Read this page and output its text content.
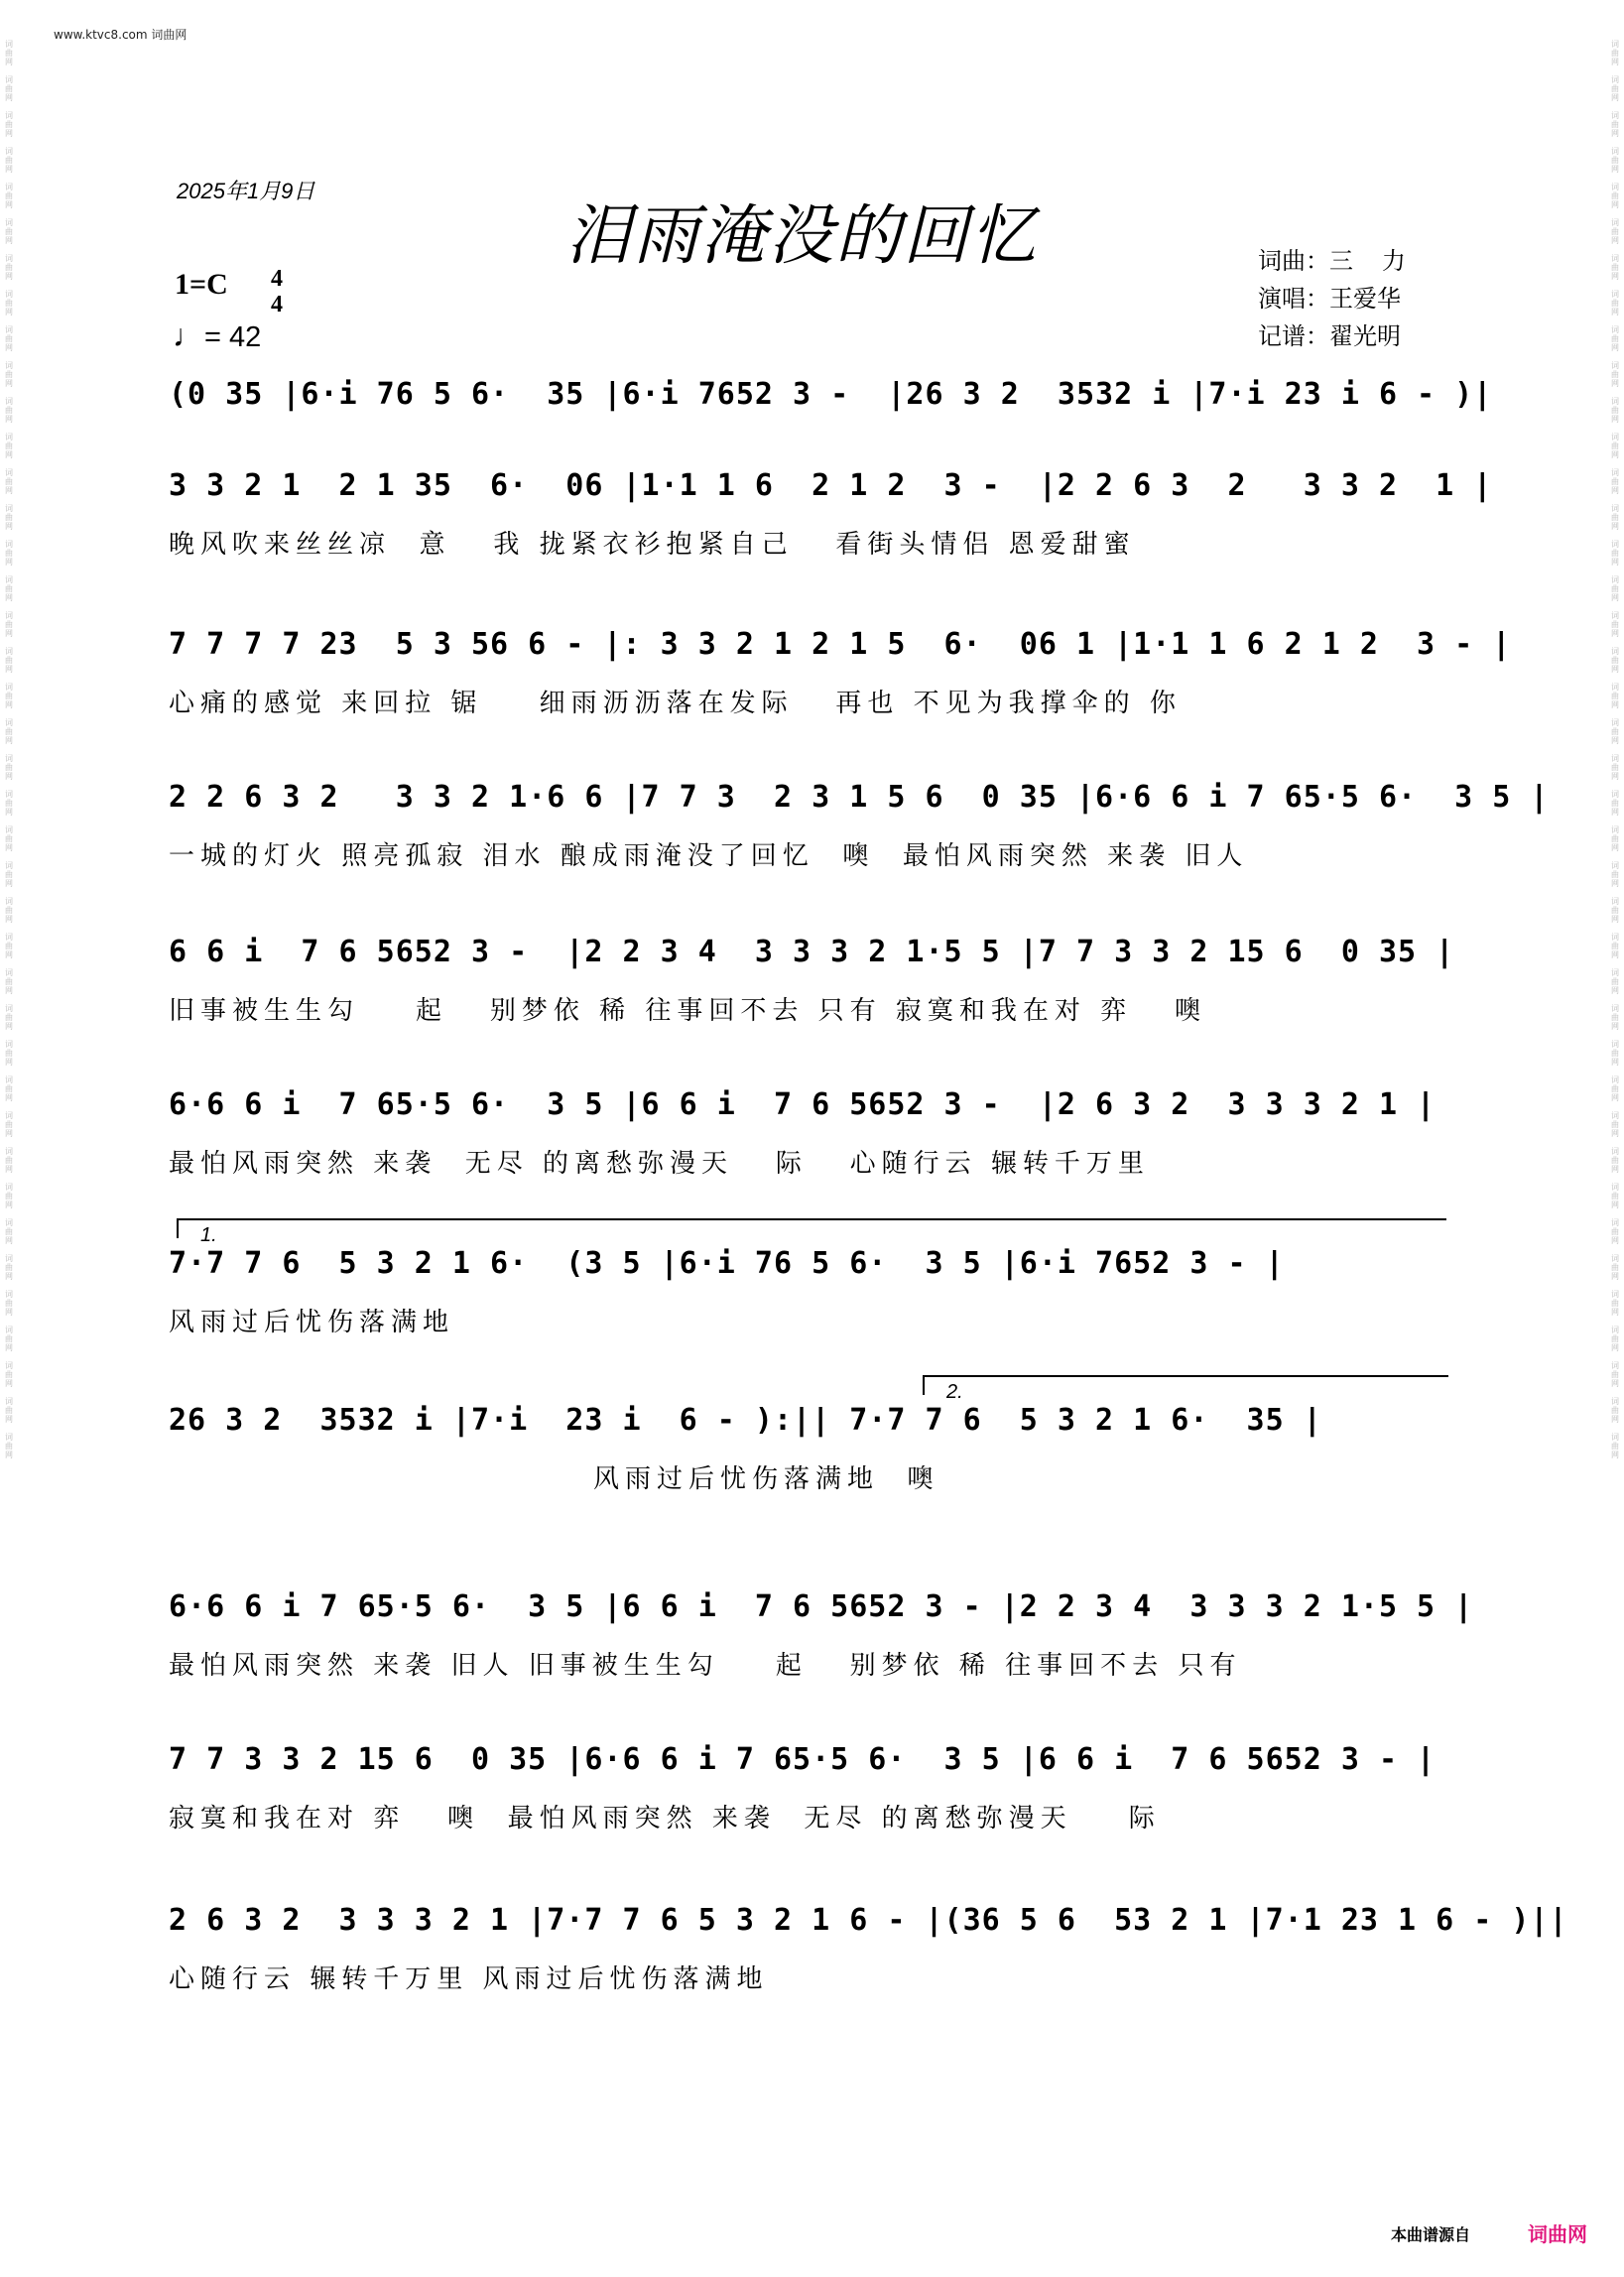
词
曲
网

词
曲
网

词
曲
网

词
曲
网

词
曲
网

词
曲
网

词
曲
网

词
曲
网

词
曲
网

词
曲
网

词
曲
网

词
曲
网

词
曲
网

词
曲
网

词
曲
网

词
曲
网

词
曲
网

词
曲
网

词
曲
网

词
曲
网

词
曲
网

词
曲
网

词
曲
网

词
曲
网

词
曲
网

词
曲
网

词
曲
网

词
曲
网

词
曲
网

词
曲
网

词
曲
网

词
曲
网

词
曲
网

词
曲
网

词
曲
网

词
曲
网

词
曲
网

词
曲
网

词
曲
网

词
曲
网

词
曲
网

词
曲
网

词
曲
网

词
曲
网

词
曲
网

词
曲
网

词
曲
网

词
曲
网

词
曲
网

词
曲
网

词
曲
网

词
曲
网

词
曲
网

词
曲
网

词
曲
网

词
曲
网

词
曲
网

词
曲
网

词
曲
网

词
曲
网

词
曲
网

词
曲
网

词
曲
网

词
曲
网

词
曲
网

词
曲
网

词
曲
网

词
曲
网

词
曲
网

词
曲
网

词
曲
网

词
曲
网

词
曲
网

词
曲
网

词
曲
网

词
曲
网

词
曲
网

词
曲
网

词
曲
网

词
曲
网

www.ktvc8.com 词曲网
2025年1月9日
泪雨淹没的回忆	词曲：三  力
演唱：王爱华
记谱：翟光明
1=C	4
4
♩= 42
(0 35 |6·i 76 5 6·  35 |6·i 7652 3 -  |26 3 2  3532 i |7·i 23 i 6 - )|
3 3 2 1  2 1 35  6·  06 |1·1 1 6  2 1 2  3 -  |2 2 6 3  2   3 3 2  1 |
晚风吹来丝丝凉  意   我 拢紧衣衫抱紧自己   看街头情侣 恩爱甜蜜
7 7 7 7 23  5 3 56 6 - |: 3 3 2 1 2 1 5  6·  06 1 |1·1 1 6 2 1 2  3 - |
心痛的感觉 来回拉 锯    细雨沥沥落在发际   再也 不见为我撑伞的 你
2 2 6 3 2   3 3 2 1·6 6 |7 7 3  2 3 1 5 6  0 35 |6·6 6 i 7 65·5 6·  3 5 |
一城的灯火 照亮孤寂 泪水 酿成雨淹没了回忆  噢  最怕风雨突然 来袭 旧人
6 6 i  7 6 5652 3 -  |2 2 3 4  3 3 3 2 1·5 5 |7 7 3 3 2 15 6  0 35 |
旧事被生生勾    起   别梦依 稀 往事回不去 只有 寂寞和我在对 弈   噢
6·6 6 i  7 65·5 6·  3 5 |6 6 i  7 6 5652 3 -  |2 6 3 2  3 3 3 2 1 |
最怕风雨突然 来袭  无尽 的离愁弥漫天   际   心随行云 辗转千万里
1.
7·7 7 6  5 3 2 1 6·  (3 5 |6·i 76 5 6·  3 5 |6·i 7652 3 - |
风雨过后忧伤落满地
2.
26 3 2  3532 i |7·i  23 i  6 - ):|| 7·7 7 6  5 3 2 1 6·  35 |
风雨过后忧伤落满地  噢
6·6 6 i 7 65·5 6·  3 5 |6 6 i  7 6 5652 3 - |2 2 3 4  3 3 3 2 1·5 5 |
最怕风雨突然 来袭 旧人 旧事被生生勾    起   别梦依 稀 往事回不去 只有
7 7 3 3 2 15 6  0 35 |6·6 6 i 7 65·5 6·  3 5 |6 6 i  7 6 5652 3 - |
寂寞和我在对 弈   噢  最怕风雨突然 来袭  无尽 的离愁弥漫天    际
2 6 3 2  3 3 3 2 1 |7·7 7 6 5 3 2 1 6 - |(36 5 6  53 2 1 |7·1 23 1 6 - )||
心随行云 辗转千万里 风雨过后忧伤落满地
本曲谱源自	词曲网
